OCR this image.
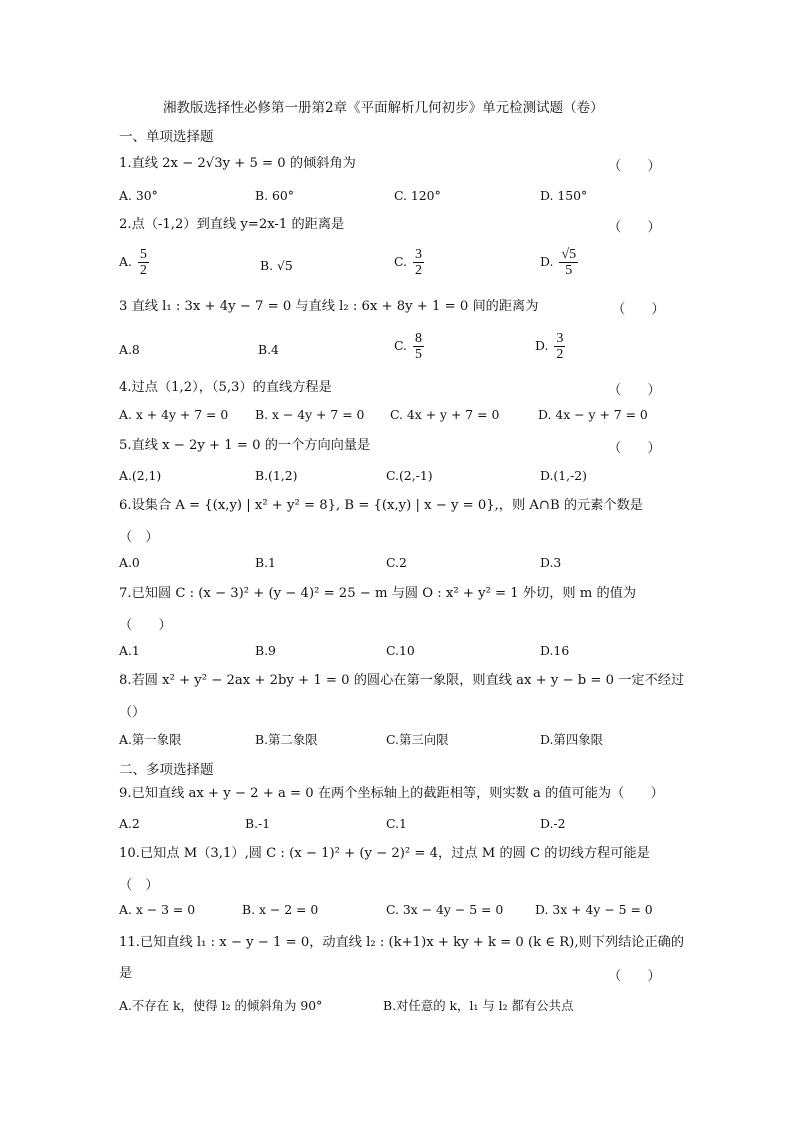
湘教版选择性必修第一册第2章《平面解析几何初步》单元检测试题（卷）
一、单项选择题
1.直线 2x − 2√3y + 5 = 0 的倾斜角为	（　　）
A. 30°	B. 60°	C. 120°	D. 150°
2.点（-1,2）到直线 y=2x-1 的距离是	（　　）
A. $\frac{5}{2}$	B. √5	C. $\frac{3}{2}$	D. $\frac{√5}{5}$
3 直线 l₁ : 3x + 4y − 7 = 0 与直线 l₂ : 6x + 8y + 1 = 0 间的距离为	（　　）
A.8	B.4	C. $\frac{8}{5}$	D. $\frac{3}{2}$
4.过点（1,2），（5,3）的直线方程是	（　　）
A. x + 4y + 7 = 0 B. x − 4y + 7 = 0 C. 4x + y + 7 = 0	D. 4x − y + 7 = 0
5.直线 x − 2y + 1 = 0 的一个方向向量是	（　　）
A.(2,1)	B.(1,2)	C.(2,-1)	D.(1,-2)
6.设集合 A = {(x,y) | x² + y² = 8}, B = {(x,y) | x − y = 0},，则 A∩B 的元素个数是
（　）
A.0	B.1	C.2	D.3
7.已知圆 C : (x − 3)² + (y − 4)² = 25 − m 与圆 O : x² + y² = 1 外切，则 m 的值为
（　　）
A.1	B.9	C.10	D.16
8.若圆 x² + y² − 2ax + 2by + 1 = 0 的圆心在第一象限，则直线 ax + y − b = 0 一定不经过
（）
A.第一象限	B.第二象限	C.第三向限	D.第四象限
二、多项选择题
9.已知直线 ax + y − 2 + a = 0 在两个坐标轴上的截距相等，则实数 a 的值可能为（　　）
A.2	B.-1	C.1	D.-2
10.已知点 M（3,1）,圆 C : (x − 1)² + (y − 2)² = 4，过点 M 的圆 C 的切线方程可能是
（　）
A. x − 3 = 0	B. x − 2 = 0	C. 3x − 4y − 5 = 0	D. 3x + 4y − 5 = 0
11.已知直线 l₁ : x − y − 1 = 0，动直线 l₂ : (k+1)x + ky + k = 0 (k ∈ R),则下列结论正确的
是	（　　）
A.不存在 k，使得 l₂ 的倾斜角为 90°	B.对任意的 k，l₁ 与 l₂ 都有公共点
